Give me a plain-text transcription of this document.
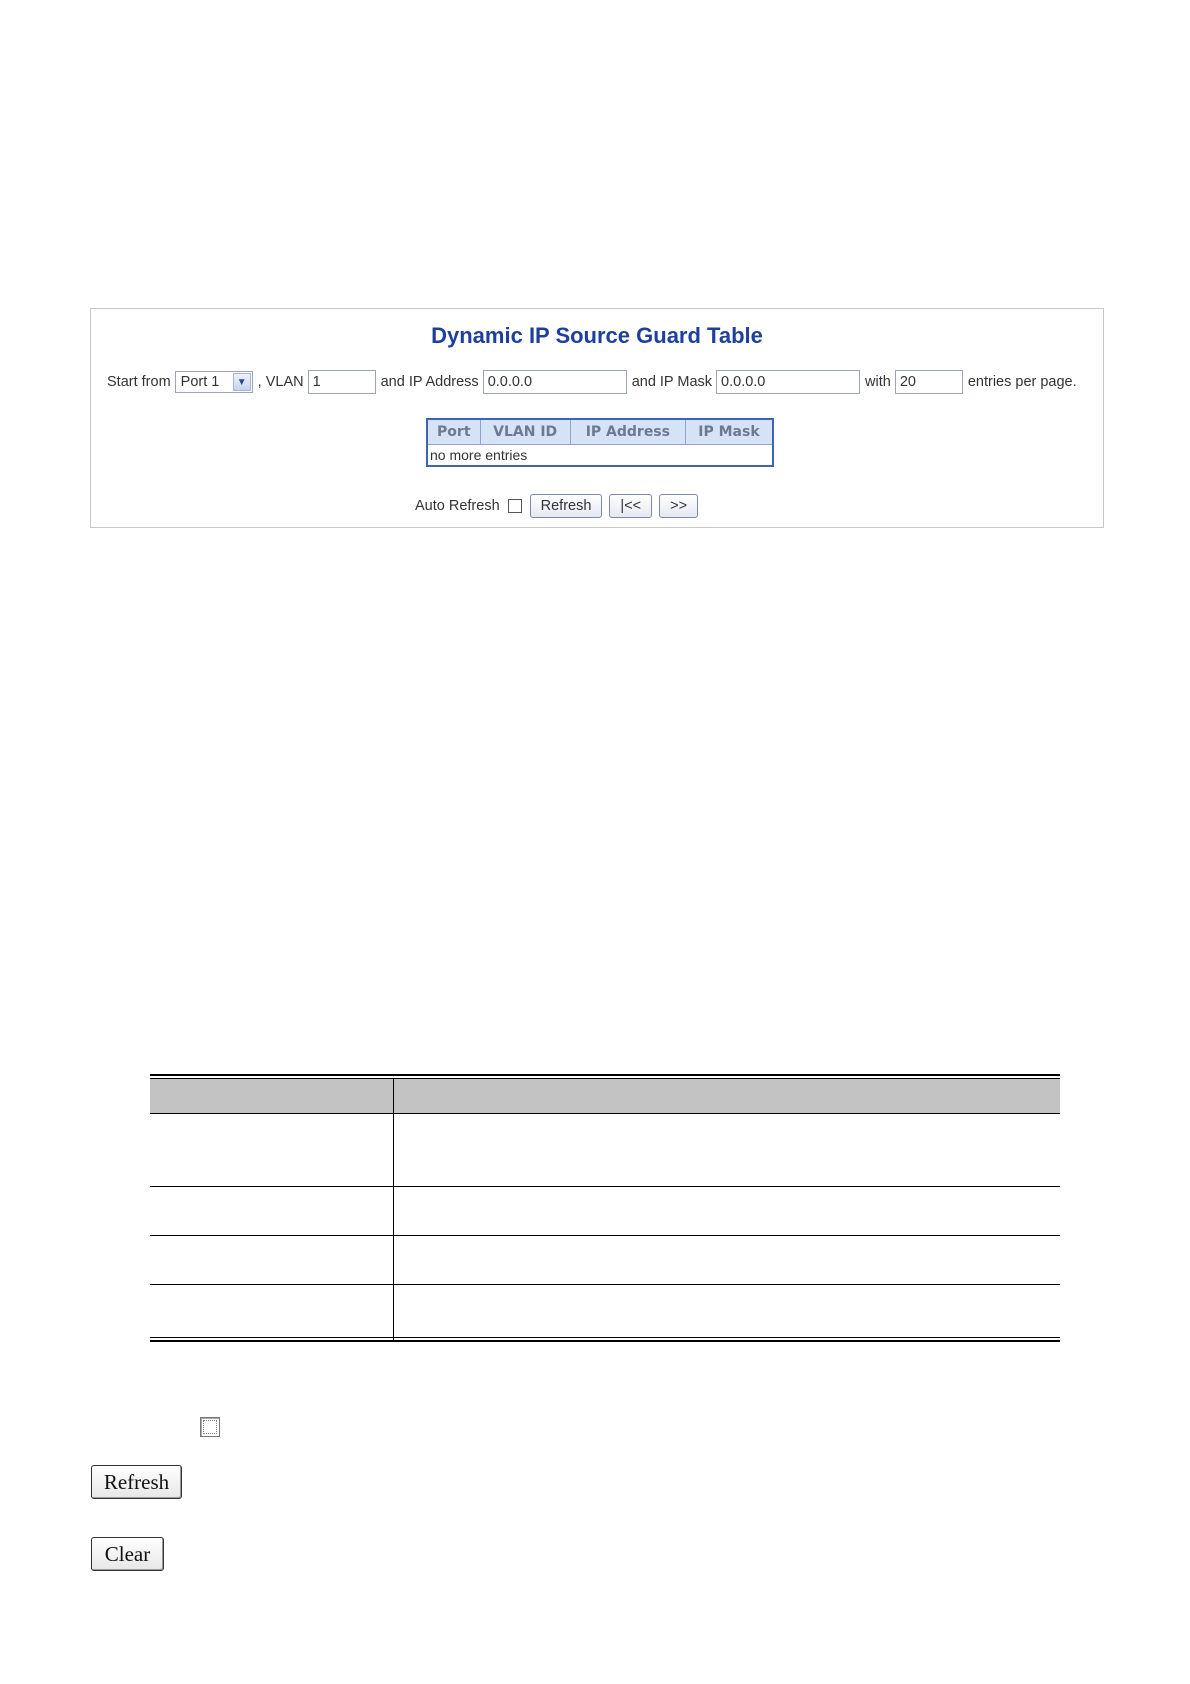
Dynamic IP Source Guard Table
Start from Port 1	▼ , VLAN 1	and IP Address 0.0.0.0	and IP Mask 0.0.0.0	with 20	entries per page.
Port	VLAN ID	IP Address	IP Mask
no more entries
Auto Refresh	Refresh	|<<	>>
Refresh
Clear
